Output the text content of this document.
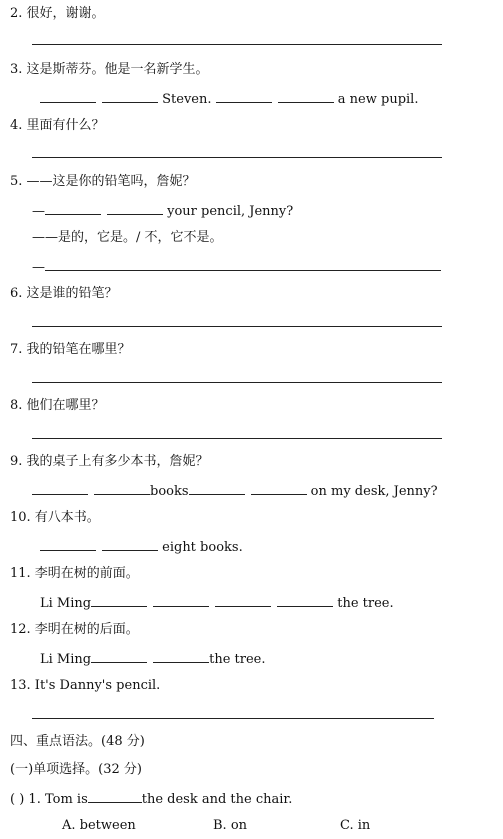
2. 很好，谢谢。
3. 这是斯蒂芬。他是一名新学生。
Steven.	a new pupil.
4. 里面有什么？
5. ——这是你的铅笔吗，詹妮？
—	your pencil, Jenny?
——是的，它是。/ 不，它不是。
—
6. 这是谁的铅笔？
7. 我的铅笔在哪里？
8. 他们在哪里？
9. 我的桌子上有多少本书，詹妮？
books	on my desk, Jenny?
10. 有八本书。
eight books.
11. 李明在树的前面。
Li Ming	the tree.
12. 李明在树的后面。
Li Ming	the tree.
13. It's Danny's pencil.
四、重点语法。(48 分)
(一)单项选择。(32 分)
( ) 1. Tom is	the desk and the chair.
A. between	B. on	C. in
